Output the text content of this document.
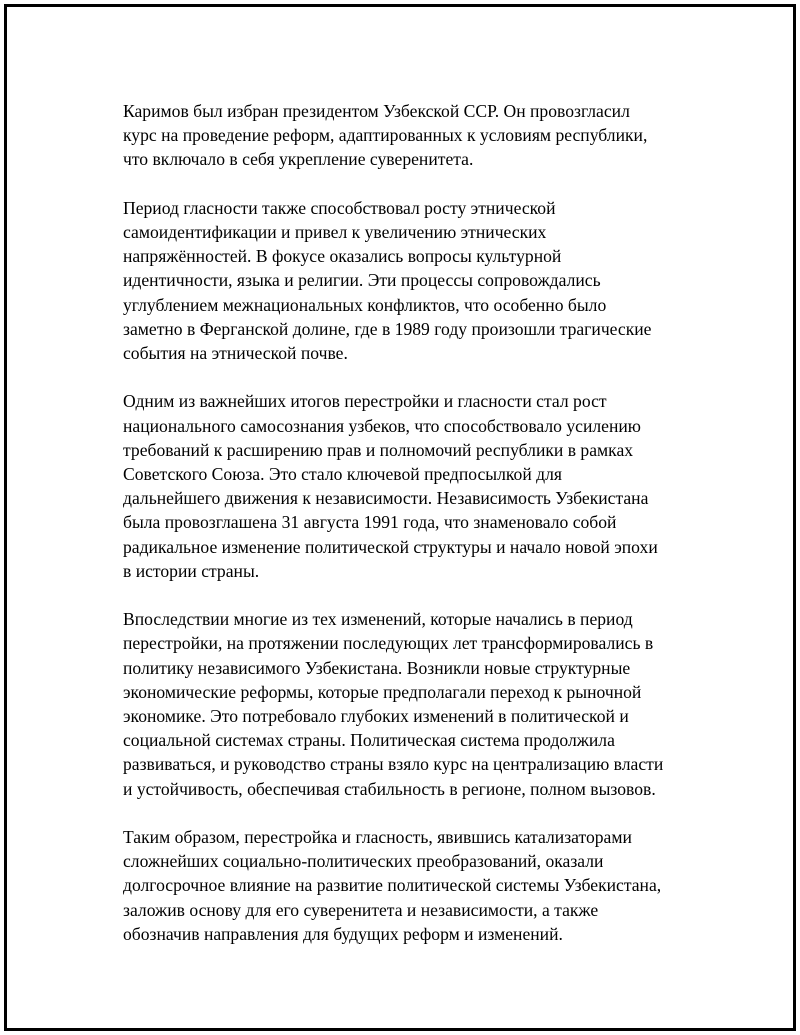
Каримов был избран президентом Узбекской ССР. Он провозгласил
курс на проведение реформ, адаптированных к условиям республики,
что включало в себя укрепление суверенитета.

Период гласности также способствовал росту этнической
самоидентификации и привел к увеличению этнических
напряжённостей. В фокусе оказались вопросы культурной
идентичности, языка и религии. Эти процессы сопровождались
углублением межнациональных конфликтов, что особенно было
заметно в Ферганской долине, где в 1989 году произошли трагические
события на этнической почве.

Одним из важнейших итогов перестройки и гласности стал рост
национального самосознания узбеков, что способствовало усилению
требований к расширению прав и полномочий республики в рамках
Советского Союза. Это стало ключевой предпосылкой для
дальнейшего движения к независимости. Независимость Узбекистана
была провозглашена 31 августа 1991 года, что знаменовало собой
радикальное изменение политической структуры и начало новой эпохи
в истории страны.

Впоследствии многие из тех изменений, которые начались в период
перестройки, на протяжении последующих лет трансформировались в
политику независимого Узбекистана. Возникли новые структурные
экономические реформы, которые предполагали переход к рыночной
экономике. Это потребовало глубоких изменений в политической и
социальной системах страны. Политическая система продолжила
развиваться, и руководство страны взяло курс на централизацию власти
и устойчивость, обеспечивая стабильность в регионе, полном вызовов.

Таким образом, перестройка и гласность, явившись катализаторами
сложнейших социально-политических преобразований, оказали
долгосрочное влияние на развитие политической системы Узбекистана,
заложив основу для его суверенитета и независимости, а также
обозначив направления для будущих реформ и изменений.
